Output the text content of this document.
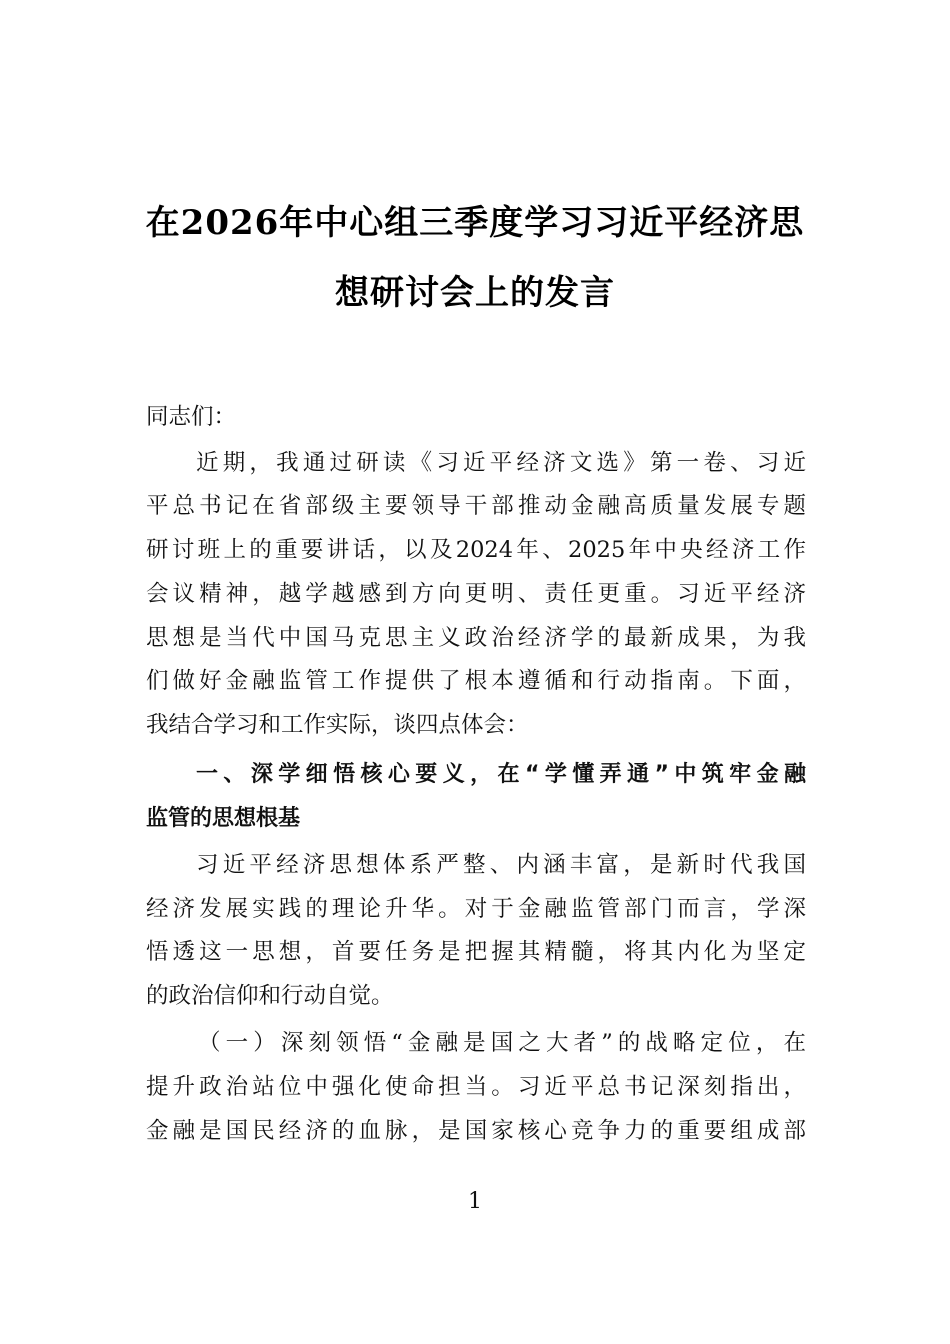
在2026年中心组三季度学习习近平经济思
想研讨会上的发言
同志们：
近期，我通过研读《习近平经济文选》第一卷、习近
平总书记在省部级主要领导干部推动金融高质量发展专题
研讨班上的重要讲话，以及2024年、2025年中央经济工作
会议精神，越学越感到方向更明、责任更重。习近平经济
思想是当代中国马克思主义政治经济学的最新成果，为我
们做好金融监管工作提供了根本遵循和行动指南。下面，
我结合学习和工作实际，谈四点体会：
一、深学细悟核心要义，在“学懂弄通”中筑牢金融
监管的思想根基
习近平经济思想体系严整、内涵丰富，是新时代我国
经济发展实践的理论升华。对于金融监管部门而言，学深
悟透这一思想，首要任务是把握其精髓，将其内化为坚定
的政治信仰和行动自觉。
（一）深刻领悟“金融是国之大者”的战略定位，在
提升政治站位中强化使命担当。习近平总书记深刻指出，
金融是国民经济的血脉，是国家核心竞争力的重要组成部
1
